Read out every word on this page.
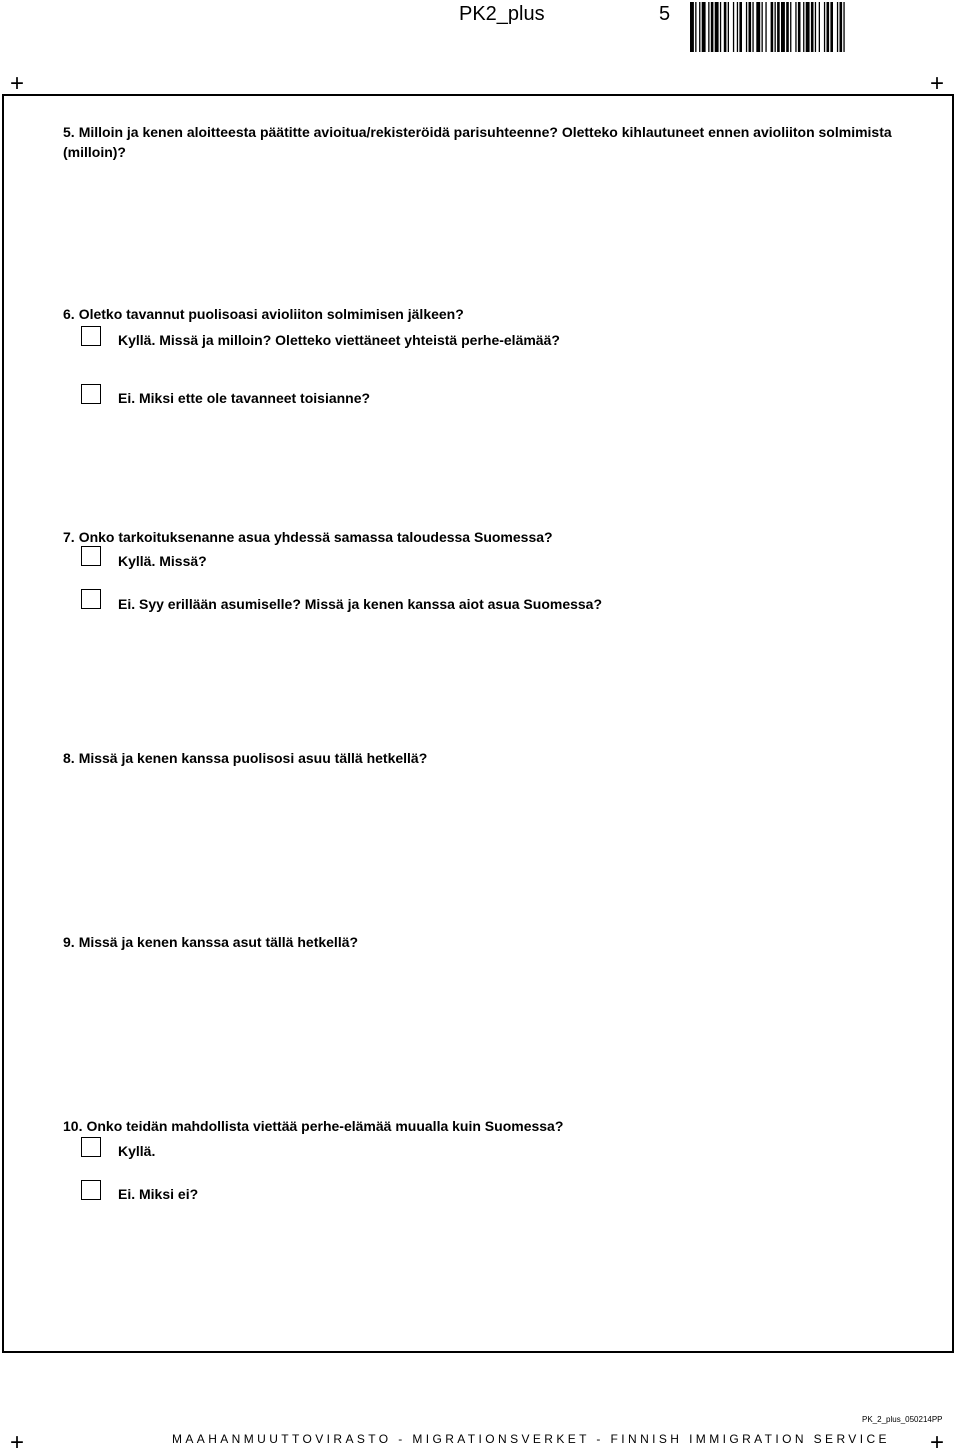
PK2_plus	5
+	+
+	+
5. Milloin ja kenen aloitteesta päätitte avioitua/rekisteröidä parisuhteenne? Oletteko kihlautuneet ennen avioliiton solmimista (milloin)?
6. Oletko tavannut puolisoasi avioliiton solmimisen jälkeen?
Kyllä. Missä ja milloin? Oletteko viettäneet yhteistä perhe-elämää?
Ei. Miksi ette ole tavanneet toisianne?
7. Onko tarkoituksenanne asua yhdessä samassa taloudessa Suomessa?
Kyllä. Missä?
Ei. Syy erillään asumiselle? Missä ja kenen kanssa aiot asua Suomessa?
8. Missä ja kenen kanssa puolisosi asuu tällä hetkellä?
9. Missä ja kenen kanssa asut tällä hetkellä?
10. Onko teidän mahdollista viettää perhe-elämää muualla kuin Suomessa?
Kyllä.
Ei. Miksi ei?
PK_2_plus_050214PP
MAAHANMUUTTOVIRASTO - MIGRATIONSVERKET - FINNISH IMMIGRATION SERVICE
